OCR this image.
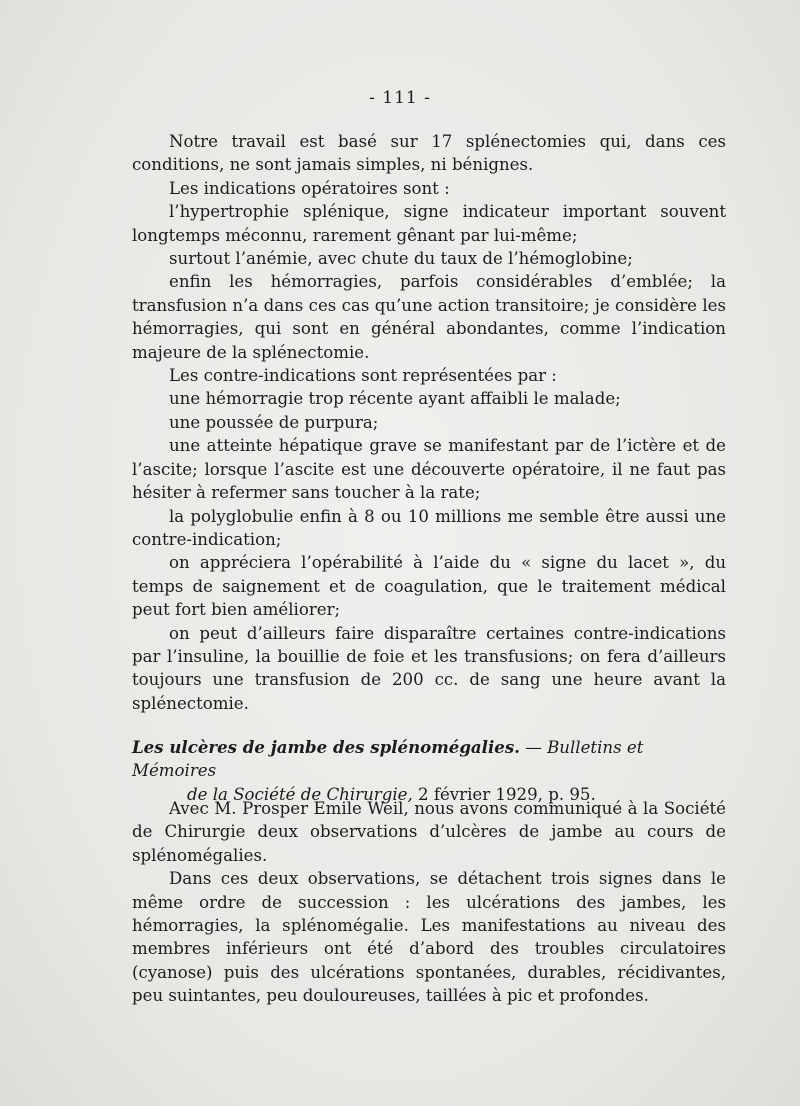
- 111 -

Notre travail est basé sur 17 splénectomies qui, dans ces conditions, ne sont jamais simples, ni bénignes.

Les indications opératoires sont :

l’hypertrophie splénique, signe indicateur important souvent longtemps méconnu, rarement gênant par lui-même;

surtout l’anémie, avec chute du taux de l’hémoglobine;

enfin les hémorragies, parfois considérables d’emblée; la transfusion n’a dans ces cas qu’une action transitoire; je considère les hémorragies, qui sont en général abondantes, comme l’indication majeure de la splénectomie.

Les contre-indications sont représentées par :

une hémorragie trop récente ayant affaibli le malade;

une poussée de purpura;

une atteinte hépatique grave se manifestant par de l’ictère et de l’ascite; lorsque l’ascite est une découverte opératoire, il ne faut pas hésiter à refermer sans toucher à la rate;

la polyglobulie enfin à 8 ou 10 millions me semble être aussi une contre-indication;

on appréciera l’opérabilité à l’aide du « signe du lacet », du temps de saignement et de coagulation, que le traitement médical peut fort bien améliorer;

on peut d’ailleurs faire disparaître certaines contre-indications par l’insuline, la bouillie de foie et les transfusions; on fera d’ailleurs toujours une transfusion de 200 cc. de sang une heure avant la splénectomie.

Les ulcères de jambe des splénomégalies. — Bulletins et Mémoires
de la Société de Chirurgie, 2 février 1929, p. 95.

Avec M. Prosper Emile Weil, nous avons communiqué à la Société de Chirurgie deux observations d’ulcères de jambe au cours de splénomégalies.

Dans ces deux observations, se détachent trois signes dans le même ordre de succession : les ulcérations des jambes, les hémorragies, la splénomégalie. Les manifestations au niveau des membres inférieurs ont été d’abord des troubles circulatoires (cyanose) puis des ulcérations spontanées, durables, récidivantes, peu suintantes, peu douloureuses, taillées à pic et profondes.
